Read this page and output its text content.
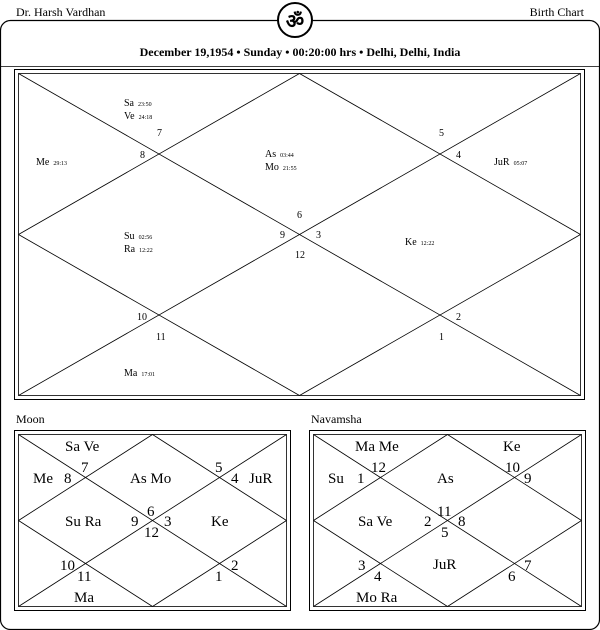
Dr. Harsh Vardhan	Birth Chart
ॐ
December 19,1954 • Sunday • 00:20:00 hrs • Delhi, Delhi, India
Sa 23:50
Ve 24:18
Me 29:13
As 03:44
Mo 21:55
JuR 05:07
Su 02:56
Ra 12:22
Ke 12:22
Ma 17:01
7
8
5
4
6
9	3
12
10
11
2
1
Moon
Sa Ve
Me	As Mo	JuR
Su Ra	Ke
Ma
7
8
5
4
6
9 3
12
10
11
2
1
Navamsha
Ma Me	Ke
Su	As
Sa Ve
JuR
Mo Ra
12
1
10
9
11
2 8
5
3
4
7
6
